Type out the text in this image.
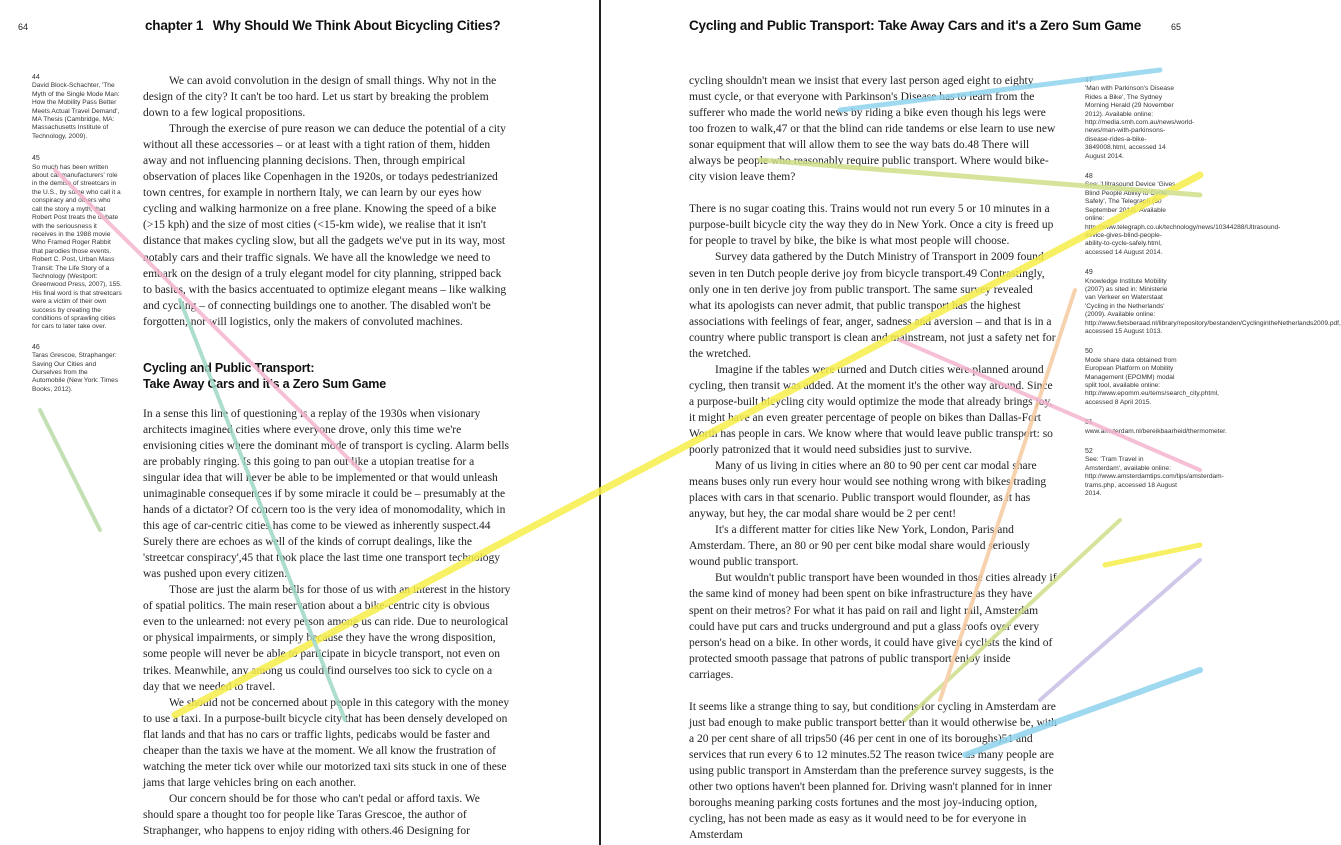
64	chapter 1 Why Should We Think About Bicycling Cities?
44
David Block-Schachter, 'The Myth of the Single Mode Man: How the Mobility Pass Better Meets Actual Travel Demand', MA Thesis (Cambridge, MA: Massachusetts Institute of Technology, 2009).
45
So much has been written about car manufacturers' role in the demise of streetcars in the U.S., by some who call it a conspiracy and others who call the story a myth, that Robert Post treats the debate with the seriousness it receives in the 1988 movie Who Framed Roger Rabbit that parodies those events. Robert C. Post, Urban Mass Transit: The Life Story of a Technology (Westport: Greenwood Press, 2007), 155. His final word is that streetcars were a victim of their own success by creating the conditions of sprawling cities for cars to later take over.
46
Taras Grescoe, Straphanger: Saving Our Cities and Ourselves from the Automobile (New York: Times Books, 2012).

We can avoid convolution in the design of small things. Why not in the design of the city? It can't be too hard. Let us start by breaking the problem down to a few logical propositions.

Through the exercise of pure reason we can deduce the potential of a city without all these accessories – or at least with a tight ration of them, hidden away and not influencing planning decisions. Then, through empirical observation of places like Copenhagen in the 1920s, or todays pedestrianized town centres, for example in northern Italy, we can learn by our eyes how cycling and walking harmonize on a free plane. Knowing the speed of a bike (>15 kph) and the size of most cities (<15-km wide), we realise that it isn't distance that makes cycling slow, but all the gadgets we've put in its way, most notably cars and their traffic signals. We have all the knowledge we need to embark on the design of a truly elegant model for city planning, stripped back to basics, with the basics accentuated to optimize elegant means – like walking and cycling – of connecting buildings one to another. The disabled won't be forgotten, nor will logistics, only the makers of convoluted machines.

Cycling and Public Transport:
Take Away Cars and it's a Zero Sum Game

In a sense this line of questioning is a replay of the 1930s when visionary architects imagined cities where everyone drove, only this time we're envisioning cities where the dominant mode of transport is cycling. Alarm bells are probably ringing. Is this going to pan out like a utopian treatise for a singular idea that will never be able to be implemented or that would unleash unimaginable consequences if by some miracle it could be – presumably at the hands of a dictator? Of concern too is the very idea of monomodality, which in this age of car-centric cities has come to be viewed as inherently suspect.44 Surely there are echoes as well of the kinds of corrupt dealings, like the 'streetcar conspiracy',45 that took place the last time one transport technology was pushed upon every citizen.

Those are just the alarm bells for those of us with an interest in the history of spatial politics. The main reservation about a bike-centric city is obvious even to the unlearned: not every person among us can ride. Due to neurological or physical impairments, or simply because they have the wrong disposition, some people will never be able to participate in bicycle transport, not even on trikes. Meanwhile, any among us could find ourselves too sick to cycle on a day that we needed to travel.

We should not be concerned about people in this category with the money to use a taxi. In a purpose-built bicycle city that has been densely developed on flat lands and that has no cars or traffic lights, pedicabs would be faster and cheaper than the taxis we have at the moment. We all know the frustration of watching the meter tick over while our motorized taxi sits stuck in one of these jams that large vehicles bring on each another.

Our concern should be for those who can't pedal or afford taxis. We should spare a thought too for people like Taras Grescoe, the author of Straphanger, who happens to enjoy riding with others.46 Designing for

Cycling and Public Transport: Take Away Cars and it's a Zero Sum Game	65

cycling shouldn't mean we insist that every last person aged eight to eighty must cycle, or that everyone with Parkinson's Disease has to learn from the sufferer who made the world news by riding a bike even though his legs were too frozen to walk,47 or that the blind can ride tandems or else learn to use new sonar equipment that will allow them to see the way bats do.48 There will always be people who reasonably require public transport. Where would bike-city vision leave them?

There is no sugar coating this. Trains would not run every 5 or 10 minutes in a purpose-built bicycle city the way they do in New York. Once a city is freed up for people to travel by bike, the bike is what most people will choose.

Survey data gathered by the Dutch Ministry of Transport in 2009 found seven in ten Dutch people derive joy from bicycle transport.49 Contrastingly, only one in ten derive joy from public transport. The same survey revealed what its apologists can never admit, that public transport has the highest associations with feelings of fear, anger, sadness and aversion – and that is in a country where public transport is clean and mainstream, not just a safety net for the wretched.

Imagine if the tables were turned and Dutch cities were planned around cycling, then transit was added. At the moment it's the other way around. Since a purpose-built bicycling city would optimize the mode that already brings joy, it might have an even greater percentage of people on bikes than Dallas-Fort Worth has people in cars. We know where that would leave public transport: so poorly patronized that it would need subsidies just to survive.

Many of us living in cities where an 80 to 90 per cent car modal share means buses only run every hour would see nothing wrong with bikes trading places with cars in that scenario. Public transport would flounder, as it has anyway, but hey, the car modal share would be 2 per cent!

It's a different matter for cities like New York, London, Paris and Amsterdam. There, an 80 or 90 per cent bike modal share would seriously wound public transport.

But wouldn't public transport have been wounded in those cities already if the same kind of money had been spent on bike infrastructure as they have spent on their metros? For what it has paid on rail and light rail, Amsterdam could have put cars and trucks underground and put a glass roofs over every person's head on a bike. In other words, it could have given cyclists the kind of protected smooth passage that patrons of public transport enjoy inside carriages.

It seems like a strange thing to say, but conditions for cycling in Amsterdam are just bad enough to make public transport better than it would otherwise be, with a 20 per cent share of all trips50 (46 per cent in one of its boroughs)51 and services that run every 6 to 12 minutes.52 The reason twice as many people are using public transport in Amsterdam than the preference survey suggests, is the other two options haven't been planned for. Driving wasn't planned for in inner boroughs meaning parking costs fortunes and the most joy-inducing option, cycling, has not been made as easy as it would need to be for everyone in Amsterdam

47
'Man with Parkinson's Disease Rides a Bike', The Sydney Morning Herald (29 November 2012). Available online: http://media.smh.com.au/news/world-news/man-with-parkinsons-disease-rides-a-bike-3849008.html, accessed 14 August 2014.
48
See: 'Ultrasound Device 'Gives Blind People Ability to Cycle Safely', The Telegraph (30 September 2013). Available online: http://www.telegraph.co.uk/technology/news/10344288/Ultrasound-device-gives-blind-people-ability-to-cycle-safely.html, accessed 14 August 2014.
49
Knowledge Institute Mobility (2007) as sited in: Ministerie van Verkeer en Waterstaat 'Cycling in the Netherlands' (2009). Available online: http://www.fietsberaad.nl/library/repository/bestanden/CyclingintheNetherlands2009.pdf, accessed 15 August 1013.
50
Mode share data obtained from European Platform on Mobility Management (EPOMM) modal split tool, available online: http://www.epomm.eu/tems/search_city.phtml, accessed 8 April 2015.
51
www.amsterdam.nl/bereikbaarheid/thermometer.
52
See: 'Tram Travel in Amsterdam', available online: http://www.amsterdamtips.com/tips/amsterdam-trams.php, accessed 18 August 2014.
